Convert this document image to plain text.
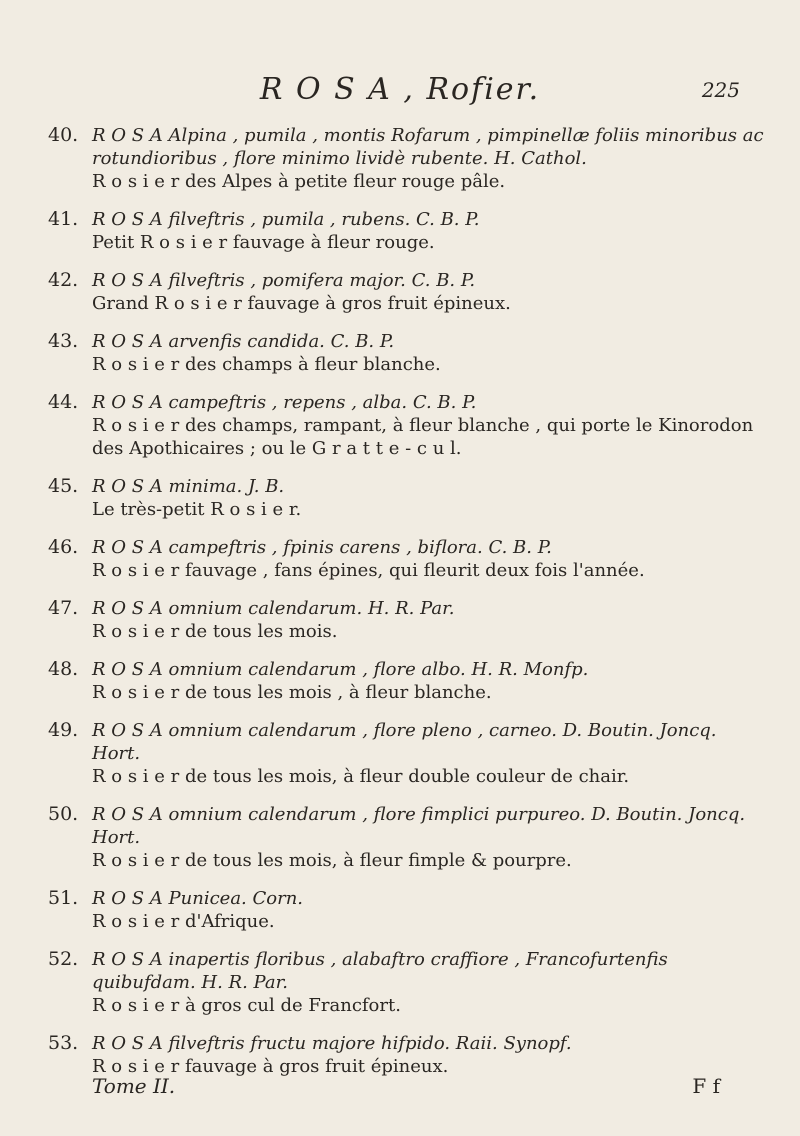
R O S A , Rofier.	225
40. R O S A Alpina , pumila , montis Rofarum , pimpinellæ foliis minoribus ac rotundioribus , flore minimo lividè rubente. H. Cathol.
R o s i e r des Alpes à petite fleur rouge pâle.
41. R O S A filveftris , pumila , rubens. C. B. P.
Petit R o s i e r fauvage à fleur rouge.
42. R O S A filveftris , pomifera major. C. B. P.
Grand R o s i e r fauvage à gros fruit épineux.
43. R O S A arvenfis candida. C. B. P.
R o s i e r des champs à fleur blanche.
44. R O S A campeftris , repens , alba. C. B. P.
R o s i e r des champs, rampant, à fleur blanche , qui porte le Kinorodon des Apothicaires ; ou le G r a t t e - c u l.
45. R O S A minima. J. B.
Le très-petit R o s i e r.
46. R O S A campeftris , fpinis carens , biflora. C. B. P.
R o s i e r fauvage , fans épines, qui fleurit deux fois l'année.
47. R O S A omnium calendarum. H. R. Par.
R o s i e r de tous les mois.
48. R O S A omnium calendarum , flore albo. H. R. Monfp.
R o s i e r de tous les mois , à fleur blanche.
49. R O S A omnium calendarum , flore pleno , carneo. D. Boutin. Joncq. Hort.
R o s i e r de tous les mois, à fleur double couleur de chair.
50. R O S A omnium calendarum , flore fimplici purpureo. D. Boutin. Joncq. Hort.
R o s i e r de tous les mois, à fleur fimple & pourpre.
51. R O S A Punicea. Corn.
R o s i e r d'Afrique.
52. R O S A inapertis floribus , alabaftro craffiore , Francofurtenfis quibufdam. H. R. Par.
R o s i e r à gros cul de Francfort.
53. R O S A filveftris fructu majore hifpido. Raii. Synopf.
R o s i e r fauvage à gros fruit épineux.
Tome II.	F f
